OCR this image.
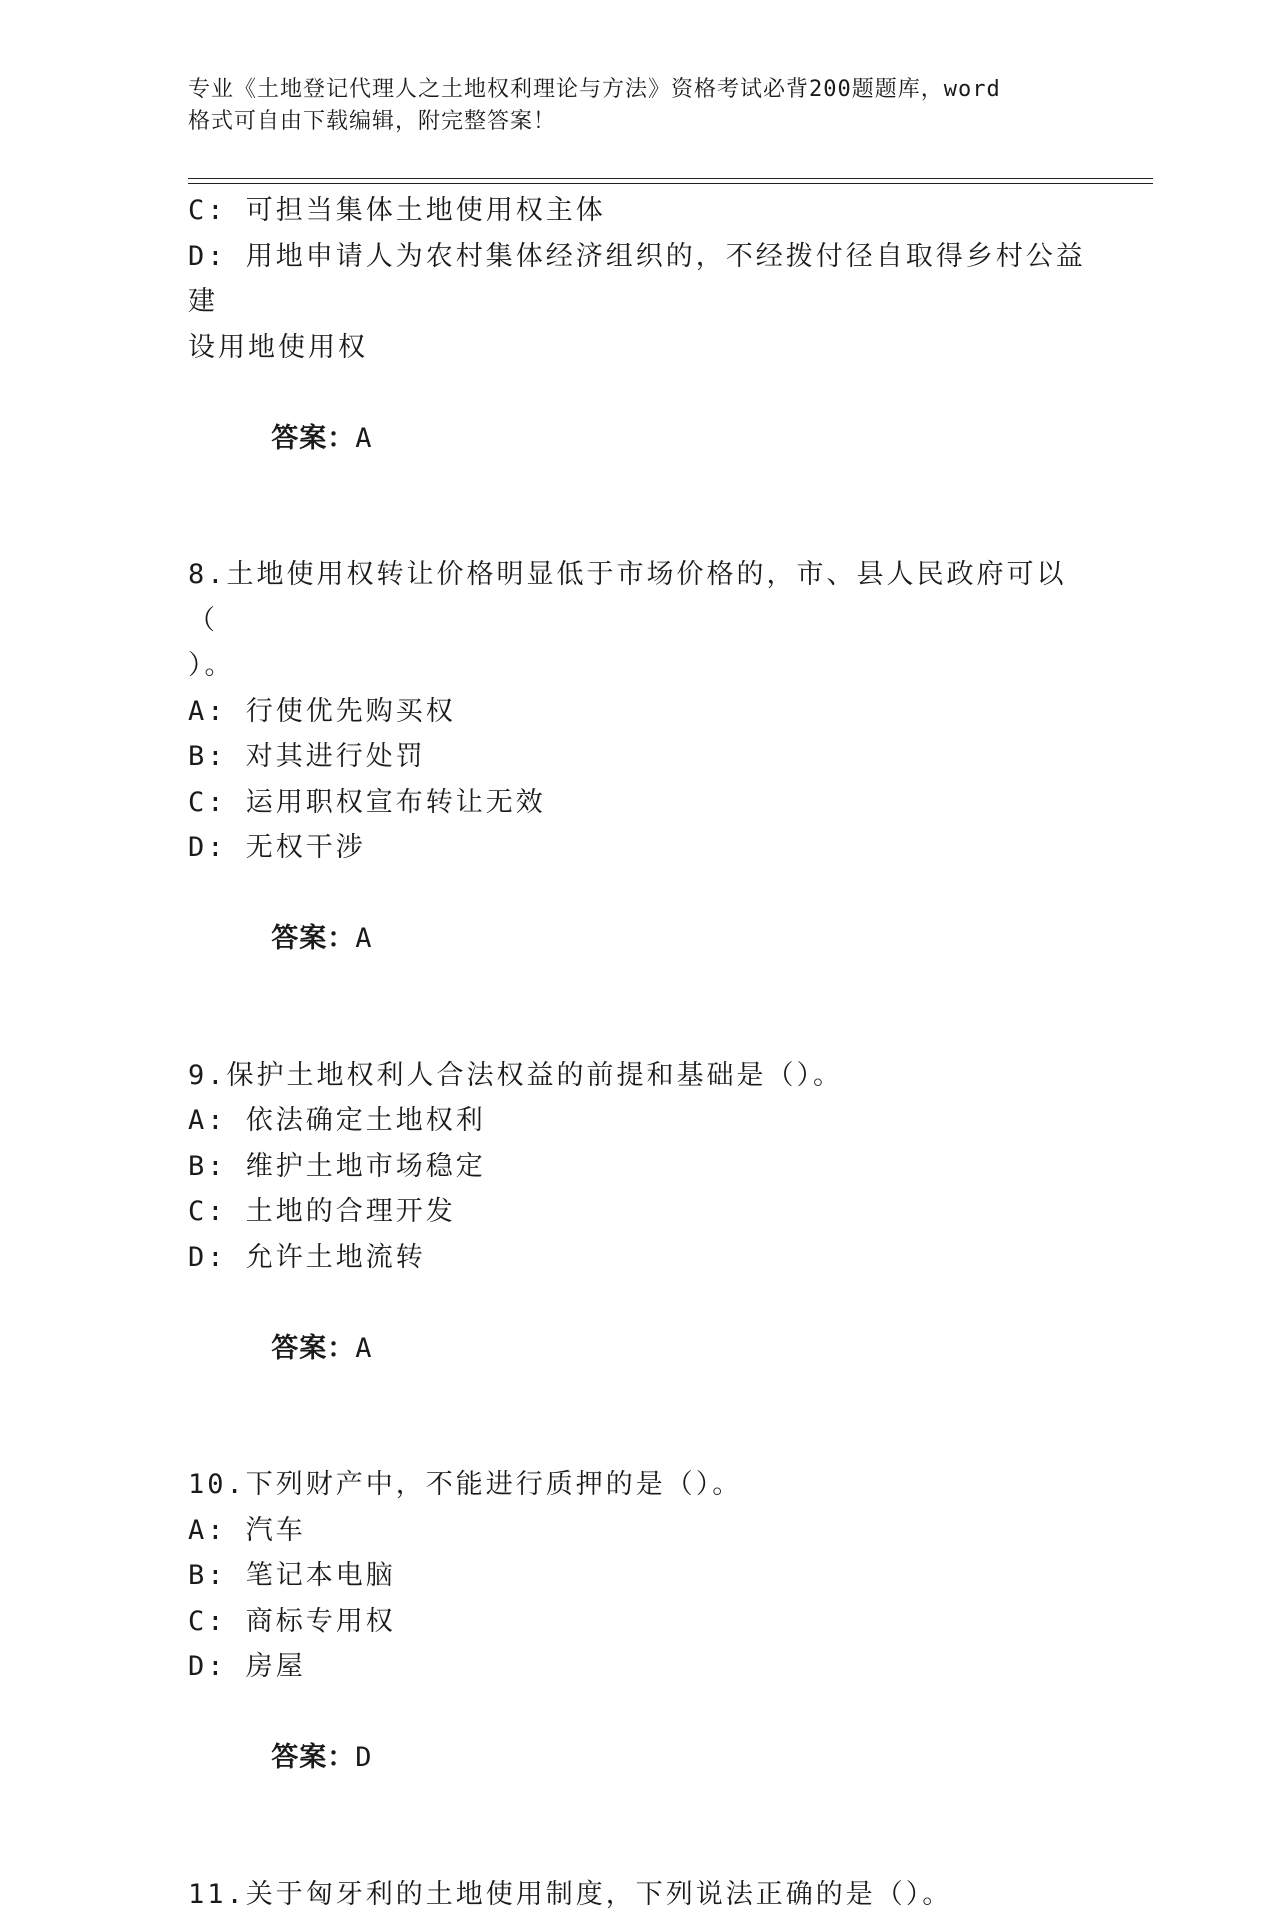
专业《土地登记代理人之土地权利理论与方法》资格考试必背200题题库，word
格式可自由下载编辑，附完整答案！
C: 可担当集体土地使用权主体
D: 用地申请人为农村集体经济组织的，不经拨付径自取得乡村公益建
设用地使用权

答案：A

8.土地使用权转让价格明显低于市场价格的，市、县人民政府可以（
）。
A: 行使优先购买权
B: 对其进行处罚
C: 运用职权宣布转让无效
D: 无权干涉

答案：A

9.保护土地权利人合法权益的前提和基础是（）。
A: 依法确定土地权利
B: 维护土地市场稳定
C: 土地的合理开发
D: 允许土地流转

答案：A

10.下列财产中，不能进行质押的是（）。
A: 汽车
B: 笔记本电脑
C: 商标专用权
D: 房屋

答案：D

11.关于匈牙利的土地使用制度，下列说法正确的是（）。
